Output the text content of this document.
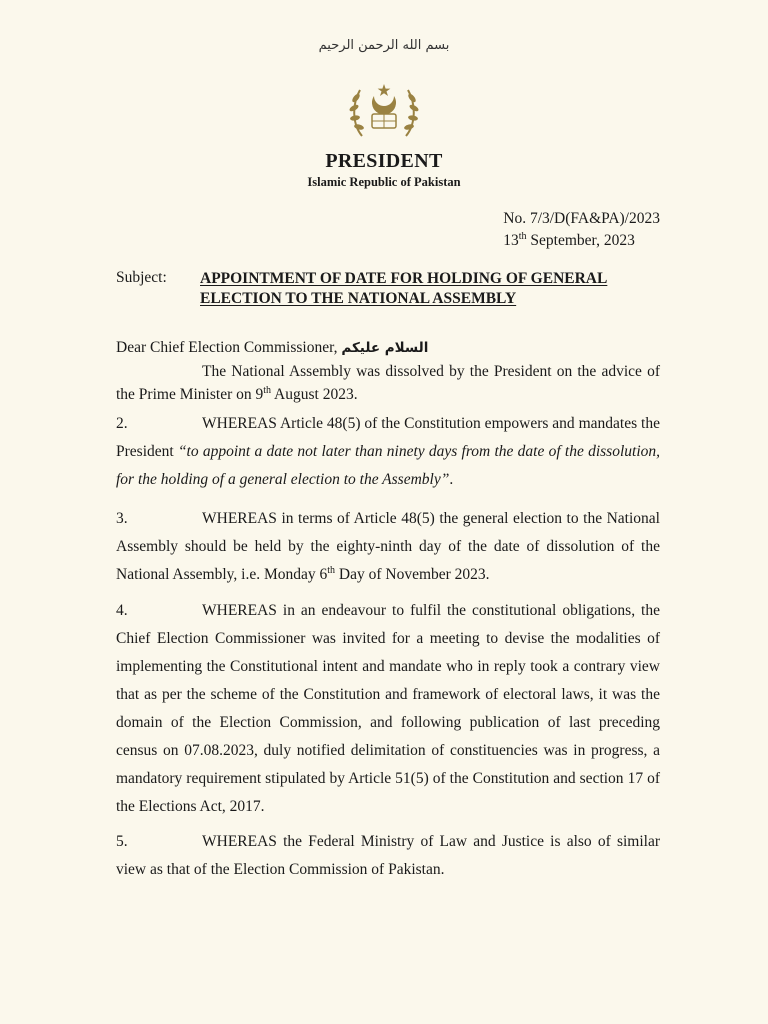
بسم الله الرحمن الرحیم
PRESIDENT
Islamic Republic of Pakistan
No. 7/3/D(FA&PA)/2023
13th September, 2023
Subject: APPOINTMENT OF DATE FOR HOLDING OF GENERAL ELECTION TO THE NATIONAL ASSEMBLY
Dear Chief Election Commissioner, السلام علیکم

The National Assembly was dissolved by the President on the advice of the Prime Minister on 9th August 2023.

2.	WHEREAS Article 48(5) of the Constitution empowers and mandates the President “to appoint a date not later than ninety days from the date of the dissolution, for the holding of a general election to the Assembly”.

3.	WHEREAS in terms of Article 48(5) the general election to the National Assembly should be held by the eighty-ninth day of the date of dissolution of the National Assembly, i.e. Monday 6th Day of November 2023.

4.	WHEREAS in an endeavour to fulfil the constitutional obligations, the Chief Election Commissioner was invited for a meeting to devise the modalities of implementing the Constitutional intent and mandate who in reply took a contrary view that as per the scheme of the Constitution and framework of electoral laws, it was the domain of the Election Commission, and following publication of last preceding census on 07.08.2023, duly notified delimitation of constituencies was in progress, a mandatory requirement stipulated by Article 51(5) of the Constitution and section 17 of the Elections Act, 2017.

5.	WHEREAS the Federal Ministry of Law and Justice is also of similar view as that of the Election Commission of Pakistan.
